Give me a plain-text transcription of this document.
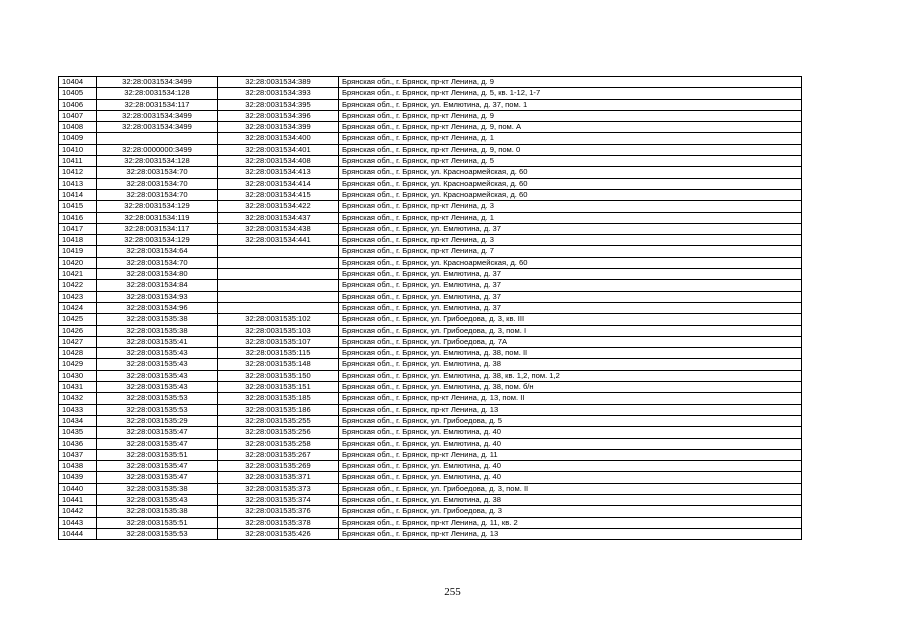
10404	32:28:0031534:3499	32:28:0031534:389	Брянская обл., г. Брянск, пр-кт Ленина, д. 9
10405	32:28:0031534:128	32:28:0031534:393	Брянская обл., г. Брянск, пр-кт Ленина, д. 5, кв. 1-12, 1-7
10406	32:28:0031534:117	32:28:0031534:395	Брянская обл., г. Брянск, ул. Емлютина, д. 37, пом. 1
10407	32:28:0031534:3499	32:28:0031534:396	Брянская обл., г. Брянск, пр-кт Ленина, д. 9
10408	32:28:0031534:3499	32:28:0031534:399	Брянская обл., г. Брянск, пр-кт Ленина, д. 9, пом. А
10409		32:28:0031534:400	Брянская обл., г. Брянск, пр-кт Ленина, д. 1
10410	32:28:0000000:3499	32:28:0031534:401	Брянская обл., г. Брянск, пр-кт Ленина, д. 9, пом. 0
10411	32:28:0031534:128	32:28:0031534:408	Брянская обл., г. Брянск, пр-кт Ленина, д. 5
10412	32:28:0031534:70	32:28:0031534:413	Брянская обл., г. Брянск, ул. Красноармейская, д. 60
10413	32:28:0031534:70	32:28:0031534:414	Брянская обл., г. Брянск, ул. Красноармейская, д. 60
10414	32:28:0031534:70	32:28:0031534:415	Брянская обл., г. Брянск, ул. Красноармейская, д. 60
10415	32:28:0031534:129	32:28:0031534:422	Брянская обл., г. Брянск, пр-кт Ленина, д. 3
10416	32:28:0031534:119	32:28:0031534:437	Брянская обл., г. Брянск, пр-кт Ленина, д. 1
10417	32:28:0031534:117	32:28:0031534:438	Брянская обл., г. Брянск, ул. Емлютина, д. 37
10418	32:28:0031534:129	32:28:0031534:441	Брянская обл., г. Брянск, пр-кт Ленина, д. 3
10419	32:28:0031534:64		Брянская обл., г. Брянск, пр-кт Ленина, д. 7
10420	32:28:0031534:70		Брянская обл., г. Брянск, ул. Красноармейская, д. 60
10421	32:28:0031534:80		Брянская обл., г. Брянск, ул. Емлютина, д. 37
10422	32:28:0031534:84		Брянская обл., г. Брянск, ул. Емлютина, д. 37
10423	32:28:0031534:93		Брянская обл., г. Брянск, ул. Емлютина, д. 37
10424	32:28:0031534:96		Брянская обл., г. Брянск, ул. Емлютина, д. 37
10425	32:28:0031535:38	32:28:0031535:102	Брянская обл., г. Брянск, ул. Грибоедова, д. 3, кв. III
10426	32:28:0031535:38	32:28:0031535:103	Брянская обл., г. Брянск, ул. Грибоедова, д. 3, пом. I
10427	32:28:0031535:41	32:28:0031535:107	Брянская обл., г. Брянск, ул. Грибоедова, д. 7А
10428	32:28:0031535:43	32:28:0031535:115	Брянская обл., г. Брянск, ул. Емлютина, д. 38, пом. II
10429	32:28:0031535:43	32:28:0031535:148	Брянская обл., г. Брянск, ул. Емлютина, д. 38
10430	32:28:0031535:43	32:28:0031535:150	Брянская обл., г. Брянск, ул. Емлютина, д. 38, кв. 1,2, пом. 1,2
10431	32:28:0031535:43	32:28:0031535:151	Брянская обл., г. Брянск, ул. Емлютина, д. 38, пом. б/н
10432	32:28:0031535:53	32:28:0031535:185	Брянская обл., г. Брянск, пр-кт Ленина, д. 13, пом. II
10433	32:28:0031535:53	32:28:0031535:186	Брянская обл., г. Брянск, пр-кт Ленина, д. 13
10434	32:28:0031535:29	32:28:0031535:255	Брянская обл., г. Брянск, ул. Грибоедова, д. 5
10435	32:28:0031535:47	32:28:0031535:256	Брянская обл., г. Брянск, ул. Емлютина, д. 40
10436	32:28:0031535:47	32:28:0031535:258	Брянская обл., г. Брянск, ул. Емлютина, д. 40
10437	32:28:0031535:51	32:28:0031535:267	Брянская обл., г. Брянск, пр-кт Ленина, д. 11
10438	32:28:0031535:47	32:28:0031535:269	Брянская обл., г. Брянск, ул. Емлютина, д. 40
10439	32:28:0031535:47	32:28:0031535:371	Брянская обл., г. Брянск, ул. Емлютина, д. 40
10440	32:28:0031535:38	32:28:0031535:373	Брянская обл., г. Брянск, ул. Грибоедова, д. 3, пом. II
10441	32:28:0031535:43	32:28:0031535:374	Брянская обл., г. Брянск, ул. Емлютина, д. 38
10442	32:28:0031535:38	32:28:0031535:376	Брянская обл., г. Брянск, ул. Грибоедова, д. 3
10443	32:28:0031535:51	32:28:0031535:378	Брянская обл., г. Брянск, пр-кт Ленина, д. 11, кв. 2
10444	32:28:0031535:53	32:28:0031535:426	Брянская обл., г. Брянск, пр-кт Ленина, д. 13
255
